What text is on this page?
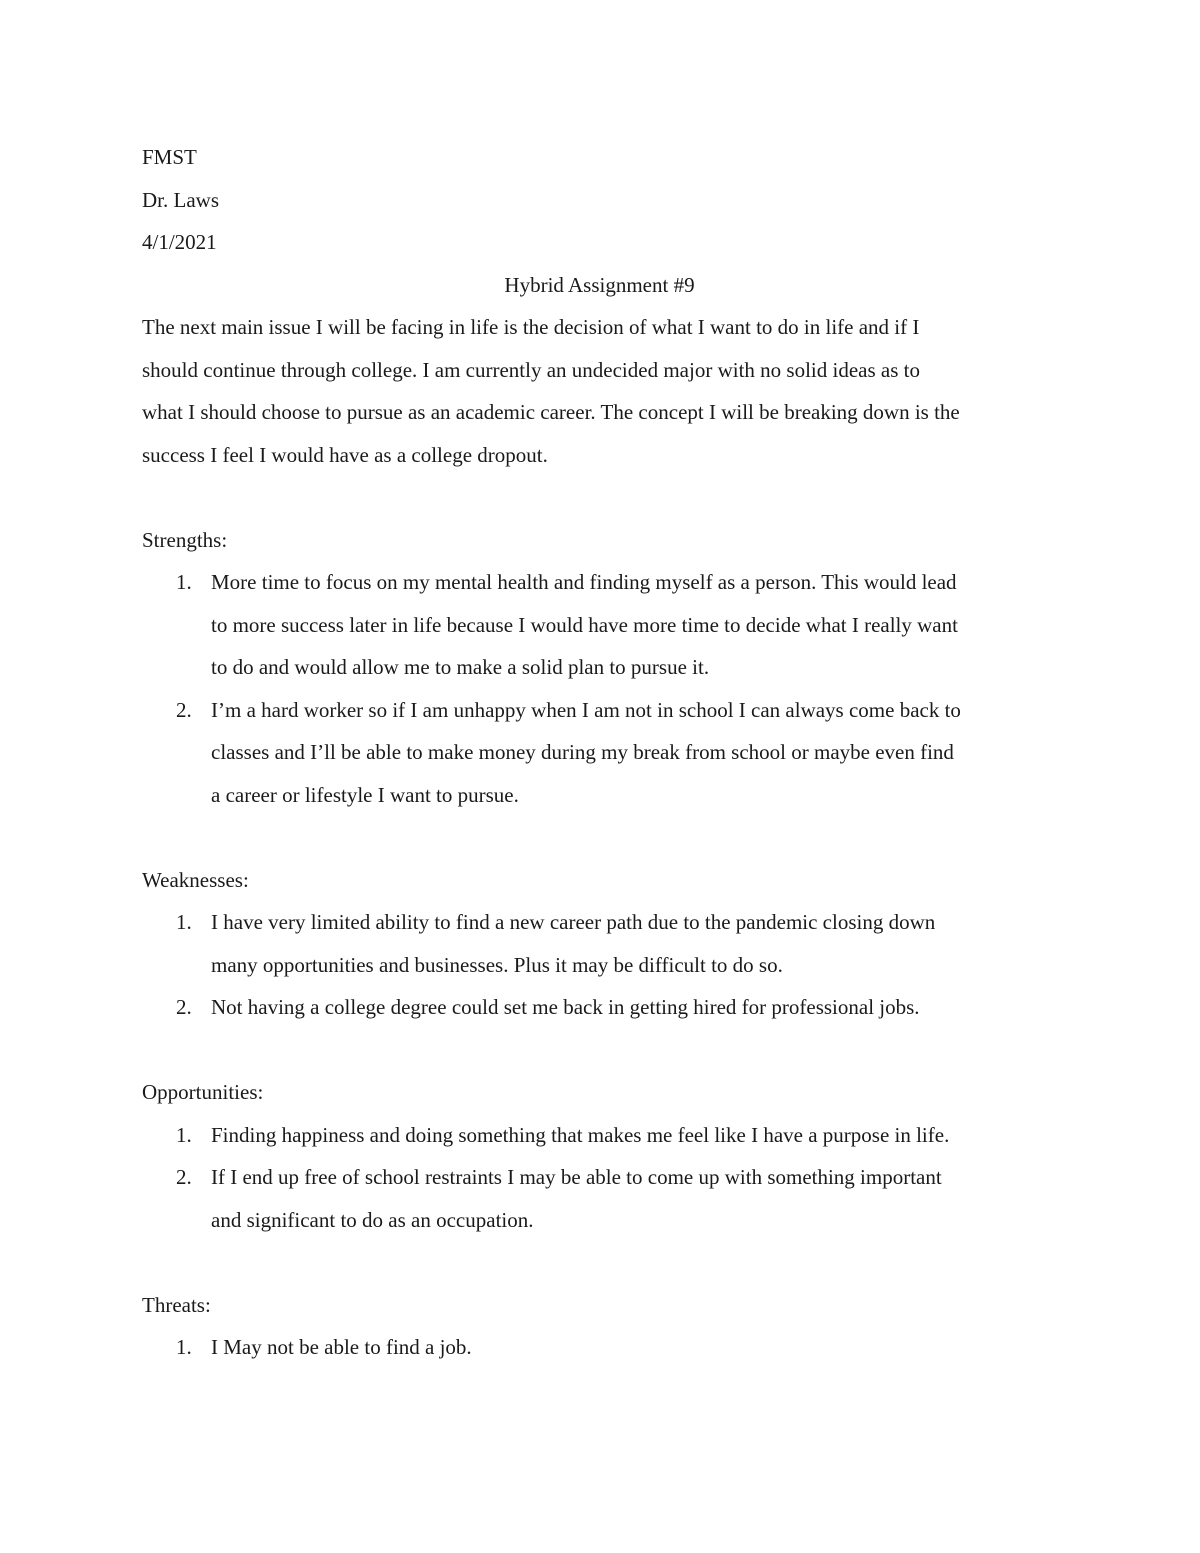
FMST

Dr. Laws

4/1/2021

Hybrid Assignment #9

The next main issue I will be facing in life is the decision of what I want to do in life and if I

should continue through college. I am currently an undecided major with no solid ideas as to

what I should choose to pursue as an academic career. The concept I will be breaking down is the

success I feel I would have as a college dropout.

Strengths:

1. More time to focus on my mental health and finding myself as a person. This would lead

to more success later in life because I would have more time to decide what I really want

to do and would allow me to make a solid plan to pursue it.

2. I’m a hard worker so if I am unhappy when I am not in school I can always come back to

classes and I’ll be able to make money during my break from school or maybe even find

a career or lifestyle I want to pursue.

Weaknesses:

1. I have very limited ability to find a new career path due to the pandemic closing down

many opportunities and businesses. Plus it may be difficult to do so.

2. Not having a college degree could set me back in getting hired for professional jobs.

Opportunities:

1. Finding happiness and doing something that makes me feel like I have a purpose in life.

2. If I end up free of school restraints I may be able to come up with something important

and significant to do as an occupation.

Threats:

1. I May not be able to find a job.
